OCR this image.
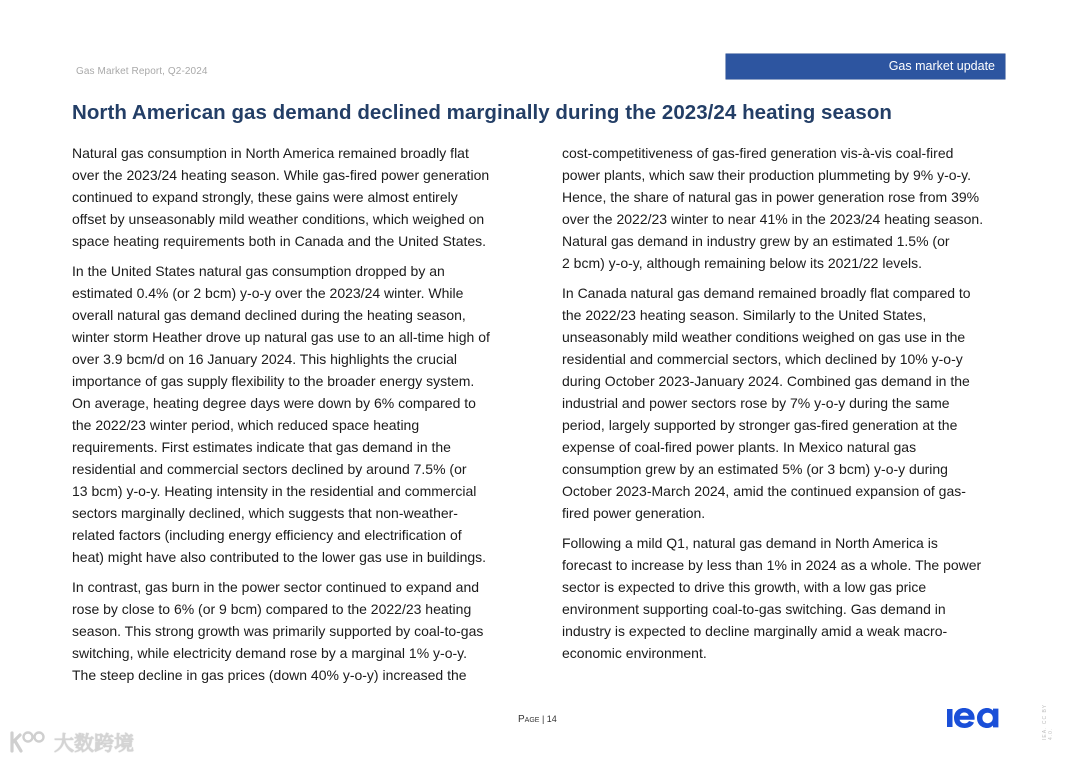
Gas Market Report, Q2-2024	Gas market update
North American gas demand declined marginally during the 2023/24 heating season

Natural gas consumption in North America remained broadly flat
over the 2023/24 heating season. While gas-fired power generation
continued to expand strongly, these gains were almost entirely
offset by unseasonably mild weather conditions, which weighed on
space heating requirements both in Canada and the United States.

In the United States natural gas consumption dropped by an
estimated 0.4% (or 2 bcm) y-o-y over the 2023/24 winter. While
overall natural gas demand declined during the heating season,
winter storm Heather drove up natural gas use to an all-time high of
over 3.9 bcm/d on 16 January 2024. This highlights the crucial
importance of gas supply flexibility to the broader energy system.
On average, heating degree days were down by 6% compared to
the 2022/23 winter period, which reduced space heating
requirements. First estimates indicate that gas demand in the
residential and commercial sectors declined by around 7.5% (or
13 bcm) y-o-y. Heating intensity in the residential and commercial
sectors marginally declined, which suggests that non-weather-
related factors (including energy efficiency and electrification of
heat) might have also contributed to the lower gas use in buildings.

In contrast, gas burn in the power sector continued to expand and
rose by close to 6% (or 9 bcm) compared to the 2022/23 heating
season. This strong growth was primarily supported by coal-to-gas
switching, while electricity demand rose by a marginal 1% y-o-y.
The steep decline in gas prices (down 40% y-o-y) increased the

cost-competitiveness of gas-fired generation vis-à-vis coal-fired
power plants, which saw their production plummeting by 9% y-o-y.
Hence, the share of natural gas in power generation rose from 39%
over the 2022/23 winter to near 41% in the 2023/24 heating season.
Natural gas demand in industry grew by an estimated 1.5% (or
2 bcm) y-o-y, although remaining below its 2021/22 levels.

In Canada natural gas demand remained broadly flat compared to
the 2022/23 heating season. Similarly to the United States,
unseasonably mild weather conditions weighed on gas use in the
residential and commercial sectors, which declined by 10% y-o-y
during October 2023-January 2024. Combined gas demand in the
industrial and power sectors rose by 7% y-o-y during the same
period, largely supported by stronger gas-fired generation at the
expense of coal-fired power plants. In Mexico natural gas
consumption grew by an estimated 5% (or 3 bcm) y-o-y during
October 2023-March 2024, amid the continued expansion of gas-
fired power generation.

Following a mild Q1, natural gas demand in North America is
forecast to increase by less than 1% in 2024 as a whole. The power
sector is expected to drive this growth, with a low gas price
environment supporting coal-to-gas switching. Gas demand in
industry is expected to decline marginally amid a weak macro-
economic environment.

Page | 14	IEA. CC BY 4.0.
大数跨境
